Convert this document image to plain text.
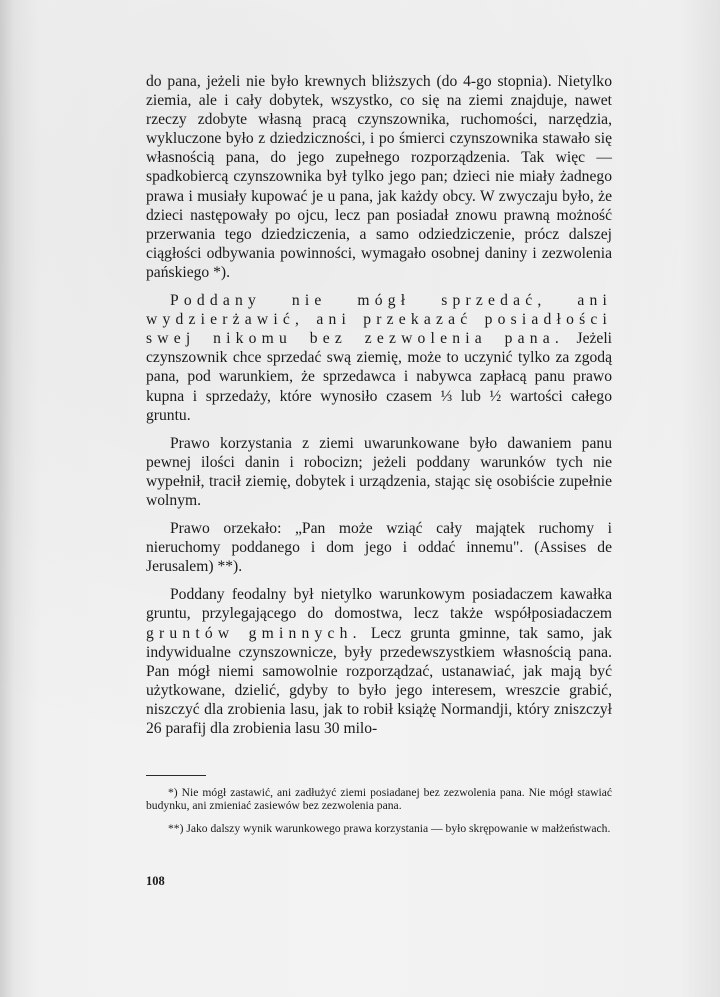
do pana, jeżeli nie było krewnych bliższych (do 4-go stopnia). Nietylko ziemia, ale i cały dobytek, wszystko, co się na ziemi znajduje, nawet rzeczy zdobyte własną pracą czynszownika, ruchomości, narzędzia, wykluczone było z dziedziczności, i po śmierci czynszownika stawało się własnością pana, do jego zupełnego rozporządzenia. Tak więc — spadkobiercą czynszownika był tylko jego pan; dzieci nie miały żadnego prawa i musiały kupować je u pana, jak każdy obcy. W zwyczaju było, że dzieci następowały po ojcu, lecz pan posiadał znowu prawną możność przerwania tego dziedziczenia, a samo odziedziczenie, prócz dalszej ciągłości odbywania powinności, wymagało osobnej daniny i zezwolenia pańskiego *).

Poddany nie mógł sprzedać, ani wydzierżawić, ani przekazać posiadłości swej nikomu bez zezwolenia pana. Jeżeli czynszownik chce sprzedać swą ziemię, może to uczynić tylko za zgodą pana, pod warunkiem, że sprzedawca i nabywca zapłacą panu prawo kupna i sprzedaży, które wynosiło czasem ⅓ lub ½ wartości całego gruntu.

Prawo korzystania z ziemi uwarunkowane było dawaniem panu pewnej ilości danin i robocizn; jeżeli poddany warunków tych nie wypełnił, tracił ziemię, dobytek i urządzenia, stając się osobiście zupełnie wolnym.

Prawo orzekało: „Pan może wziąć cały majątek ruchomy i nieruchomy poddanego i dom jego i oddać innemu". (Assises de Jerusalem) **).

Poddany feodalny był nietylko warunkowym posiadaczem kawałka gruntu, przylegającego do domostwa, lecz także współposiadaczem gruntów gminnych. Lecz grunta gminne, tak samo, jak indywidualne czynszownicze, były przedewszystkiem własnością pana. Pan mógł niemi samowolnie rozporządzać, ustanawiać, jak mają być użytkowane, dzielić, gdyby to było jego interesem, wreszcie grabić, niszczyć dla zrobienia lasu, jak to robił książę Normandji, który zniszczył 26 parafij dla zrobienia lasu 30 milo-

*) Nie mógł zastawić, ani zadłużyć ziemi posiadanej bez zezwolenia pana. Nie mógł stawiać budynku, ani zmieniać zasiewów bez zezwolenia pana.

**) Jako dalszy wynik warunkowego prawa korzystania — było skrępowanie w małżeństwach.

108
